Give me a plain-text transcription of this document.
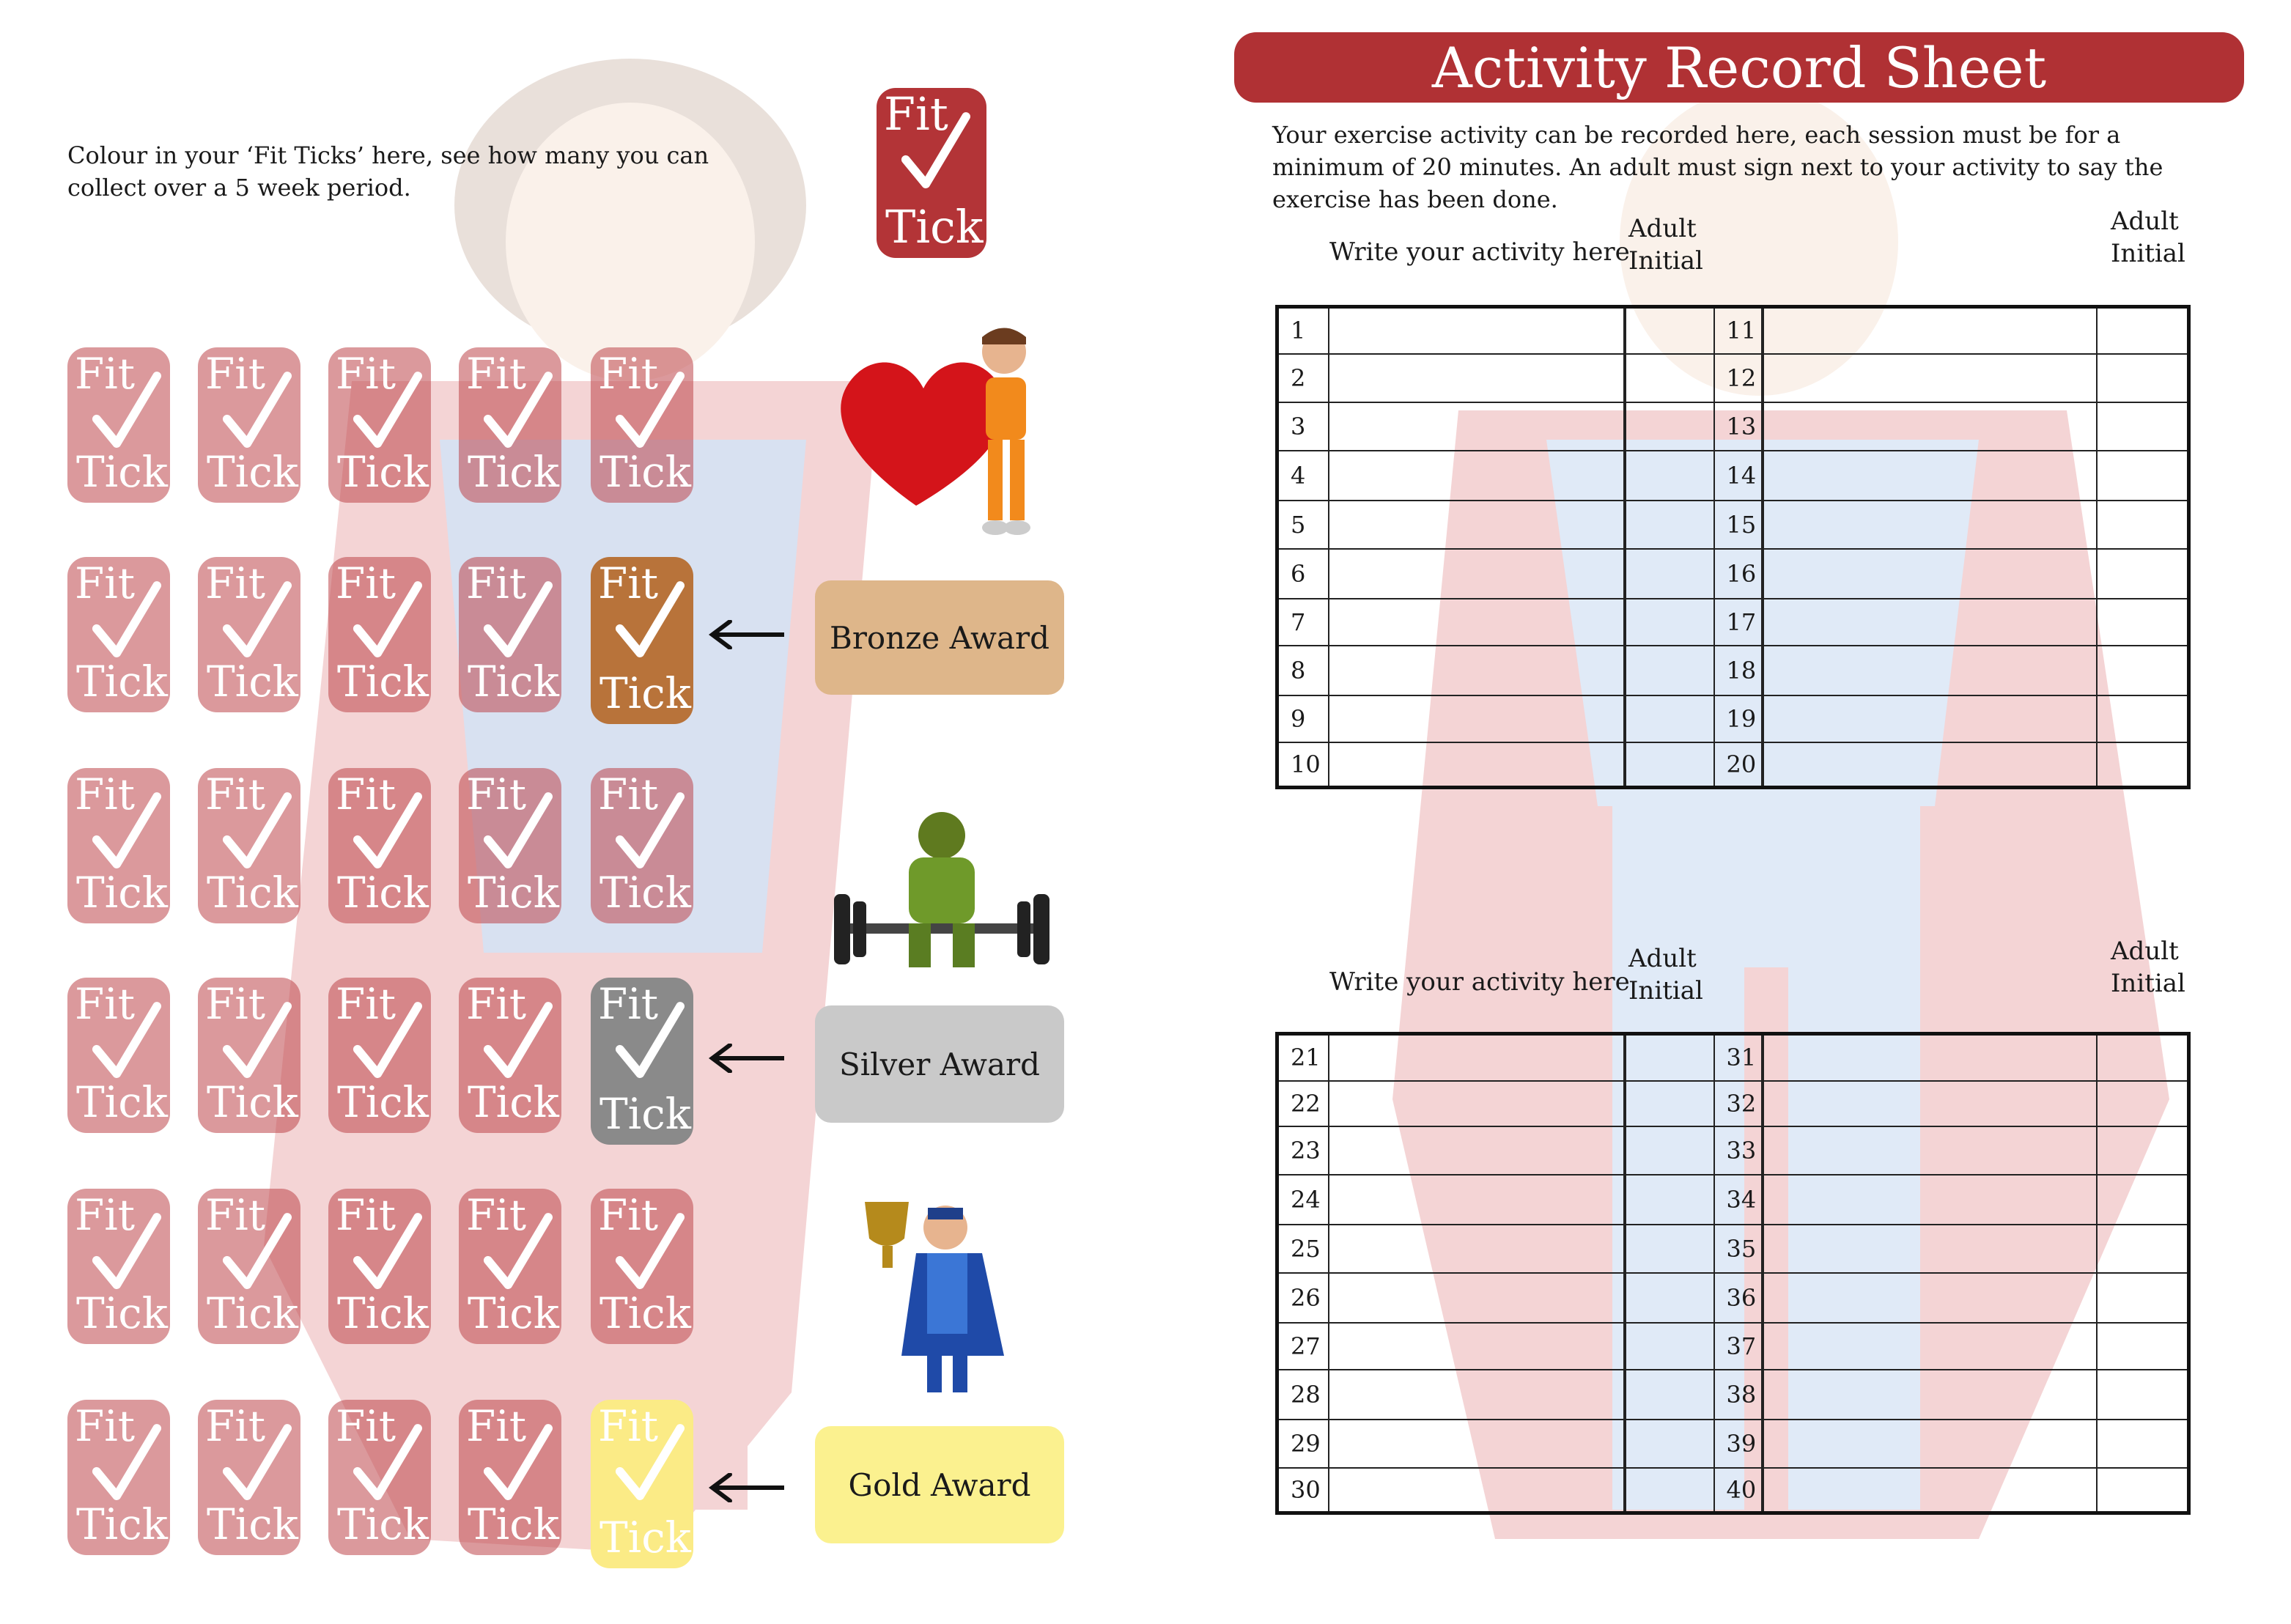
Colour in your ‘Fit Ticks’ here, see how many you can collect over a 5 week period.
Fit
Tick
Fit
Tick
Fit
Tick
Fit
Tick
Fit
Tick
Fit
Tick
Fit
Tick
Fit
Tick
Fit
Tick
Fit
Tick
Fit
Tick
Fit
Tick
Fit
Tick
Fit
Tick
Fit
Tick
Fit
Tick
Fit
Tick
Fit
Tick
Fit
Tick
Fit
Tick
Fit
Tick
Fit
Tick
Fit
Tick
Fit
Tick
Fit
Tick
Fit
Tick
Fit
Tick
Fit
Tick
Fit
Tick
Fit
Tick
Fit
Tick
Bronze Award
Silver Award
Gold Award
Activity Record Sheet
Your exercise activity can be recorded here, each session must be for a minimum of 20 minutes. An adult must sign next to your activity to say the exercise has been done.
Write your activity here
Adult Initial
Adult Initial
1			11		
2			12		
3			13		
4			14		
5			15		
6			16		
7			17		
8			18		
9			19		
10			20		
Write your activity here
Adult Initial
Adult Initial
21			31		
22			32		
23			33		
24			34		
25			35		
26			36		
27			37		
28			38		
29			39		
30			40		
